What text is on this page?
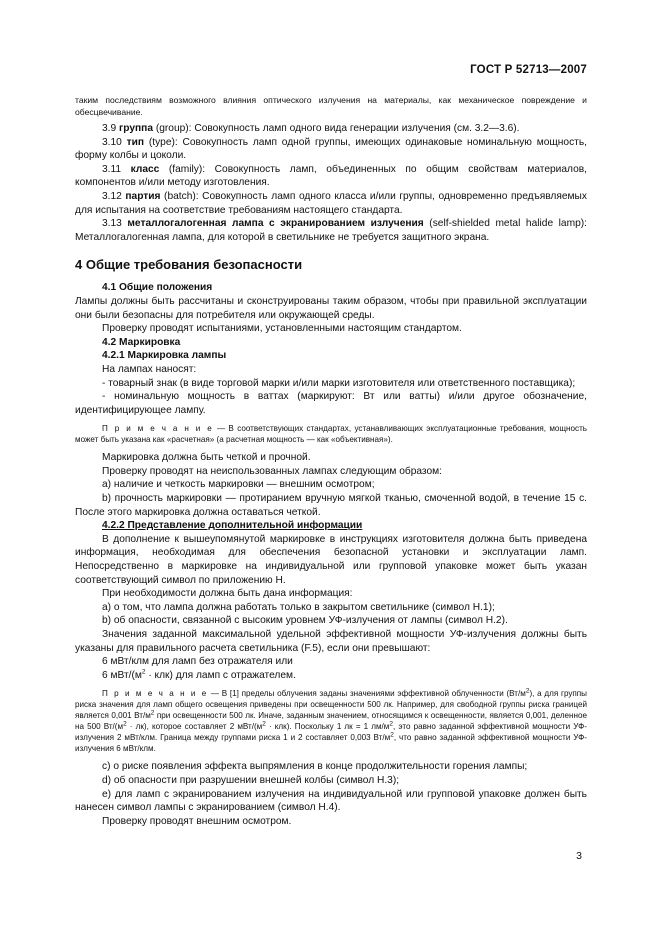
ГОСТ Р 52713—2007

таким последствиям возможного влияния оптического излучения на материалы, как механическое повреждение и обесцвечивание.

3.9 группа (group): Совокупность ламп одного вида генерации излучения (см. 3.2—3.6).

3.10 тип (type): Совокупность ламп одной группы, имеющих одинаковые номинальную мощность, форму колбы и цоколи.

3.11 класс (family): Совокупность ламп, объединенных по общим свойствам материалов, компонентов и/или методу изготовления.

3.12 партия (batch): Совокупность ламп одного класса и/или группы, одновременно предъявляемых для испытания на соответствие требованиям настоящего стандарта.

3.13 металлогалогенная лампа с экранированием излучения (self-shielded metal halide lamp): Металлогалогенная лампа, для которой в светильнике не требуется защитного экрана.

4 Общие требования безопасности

4.1 Общие положения

Лампы должны быть рассчитаны и сконструированы таким образом, чтобы при правильной эксплуатации они были безопасны для потребителя или окружающей среды.

Проверку проводят испытаниями, установленными настоящим стандартом.

4.2 Маркировка

4.2.1 Маркировка лампы

На лампах наносят:

- товарный знак (в виде торговой марки и/или марки изготовителя или ответственного поставщика);

- номинальную мощность в ваттах (маркируют: Вт или ватты) и/или другое обозначение, идентифицирующее лампу.

П р и м е ч а н и е — В соответствующих стандартах, устанавливающих эксплуатационные требования, мощность может быть указана как «расчетная» (а расчетная мощность — как «объективная»).

Маркировка должна быть четкой и прочной.

Проверку проводят на неиспользованных лампах следующим образом:

a) наличие и четкость маркировки — внешним осмотром;

b) прочность маркировки — протиранием вручную мягкой тканью, смоченной водой, в течение 15 с. После этого маркировка должна оставаться четкой.

4.2.2 Представление дополнительной информации

В дополнение к вышеупомянутой маркировке в инструкциях изготовителя должна быть приведена информация, необходимая для обеспечения безопасной установки и эксплуатации ламп. Непосредственно в маркировке на индивидуальной или групповой упаковке может быть указан соответствующий символ по приложению Н.

При необходимости должна быть дана информация:

a) о том, что лампа должна работать только в закрытом светильнике (символ Н.1);

b) об опасности, связанной с высоким уровнем УФ-излучения от лампы (символ Н.2).

Значения заданной максимальной удельной эффективной мощности УФ-излучения должны быть указаны для правильного расчета светильника (F.5), если они превышают:

6 мВт/клм для ламп без отражателя или

6 мВт/$(м^2 \cdot клк)$ для ламп с отражателем.

П р и м е ч а н и е — В [1] пределы облучения заданы значениями эффективной облученности $(Вт/м^2)$, а для группы риска значения для ламп общего освещения приведены при освещенности 500 лк. Например, для свободной группы риска границей является 0,001 $Вт/м^2$ при освещенности 500 лк. Иначе, заданным значением, относящимся к освещенности, является 0,001, деленное на 500 $Вт/(м^2 \cdot лк)$, которое составляет 2 мВт/$(м^2 \cdot клк)$. Поскольку 1 лк = 1 $лм/м^2$, это равно заданной эффективной мощности УФ-излучения 2 мВт/клм. Граница между группами риска 1 и 2 составляет 0,003 $Вт/м^2$, что равно заданной эффективной мощности УФ-излучения 6 мВт/клм.

c) о риске появления эффекта выпрямления в конце продолжительности горения лампы;

d) об опасности при разрушении внешней колбы (символ Н.3);

e) для ламп с экранированием излучения на индивидуальной или групповой упаковке должен быть нанесен символ лампы с экранированием (символ Н.4).

Проверку проводят внешним осмотром.

3
